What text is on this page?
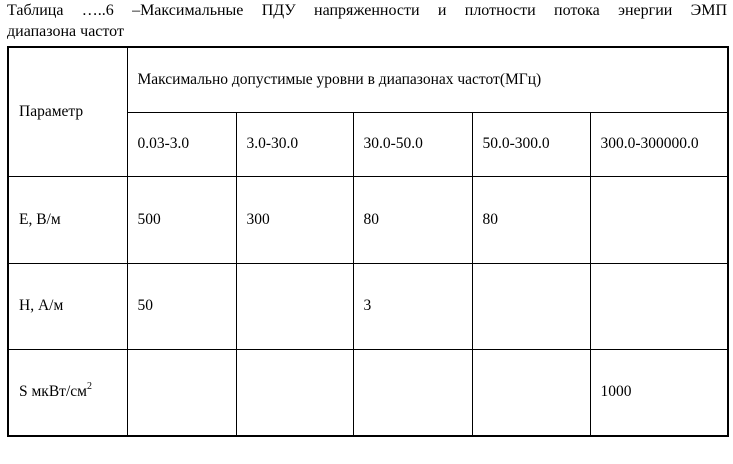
Таблица …..6 –Максимальные ПДУ напряженности и плотности потока энергии ЭМП
диапазона частот
Параметр	Максимально допустимые уровни в диапазонах частот(МГц)				
	0.03-3.0	3.0-30.0	30.0-50.0	50.0-300.0	300.0-300000.0
E, В/м	500	300	80	80	
H, А/м	50		3		
S мкВт/$см^2$					1000
